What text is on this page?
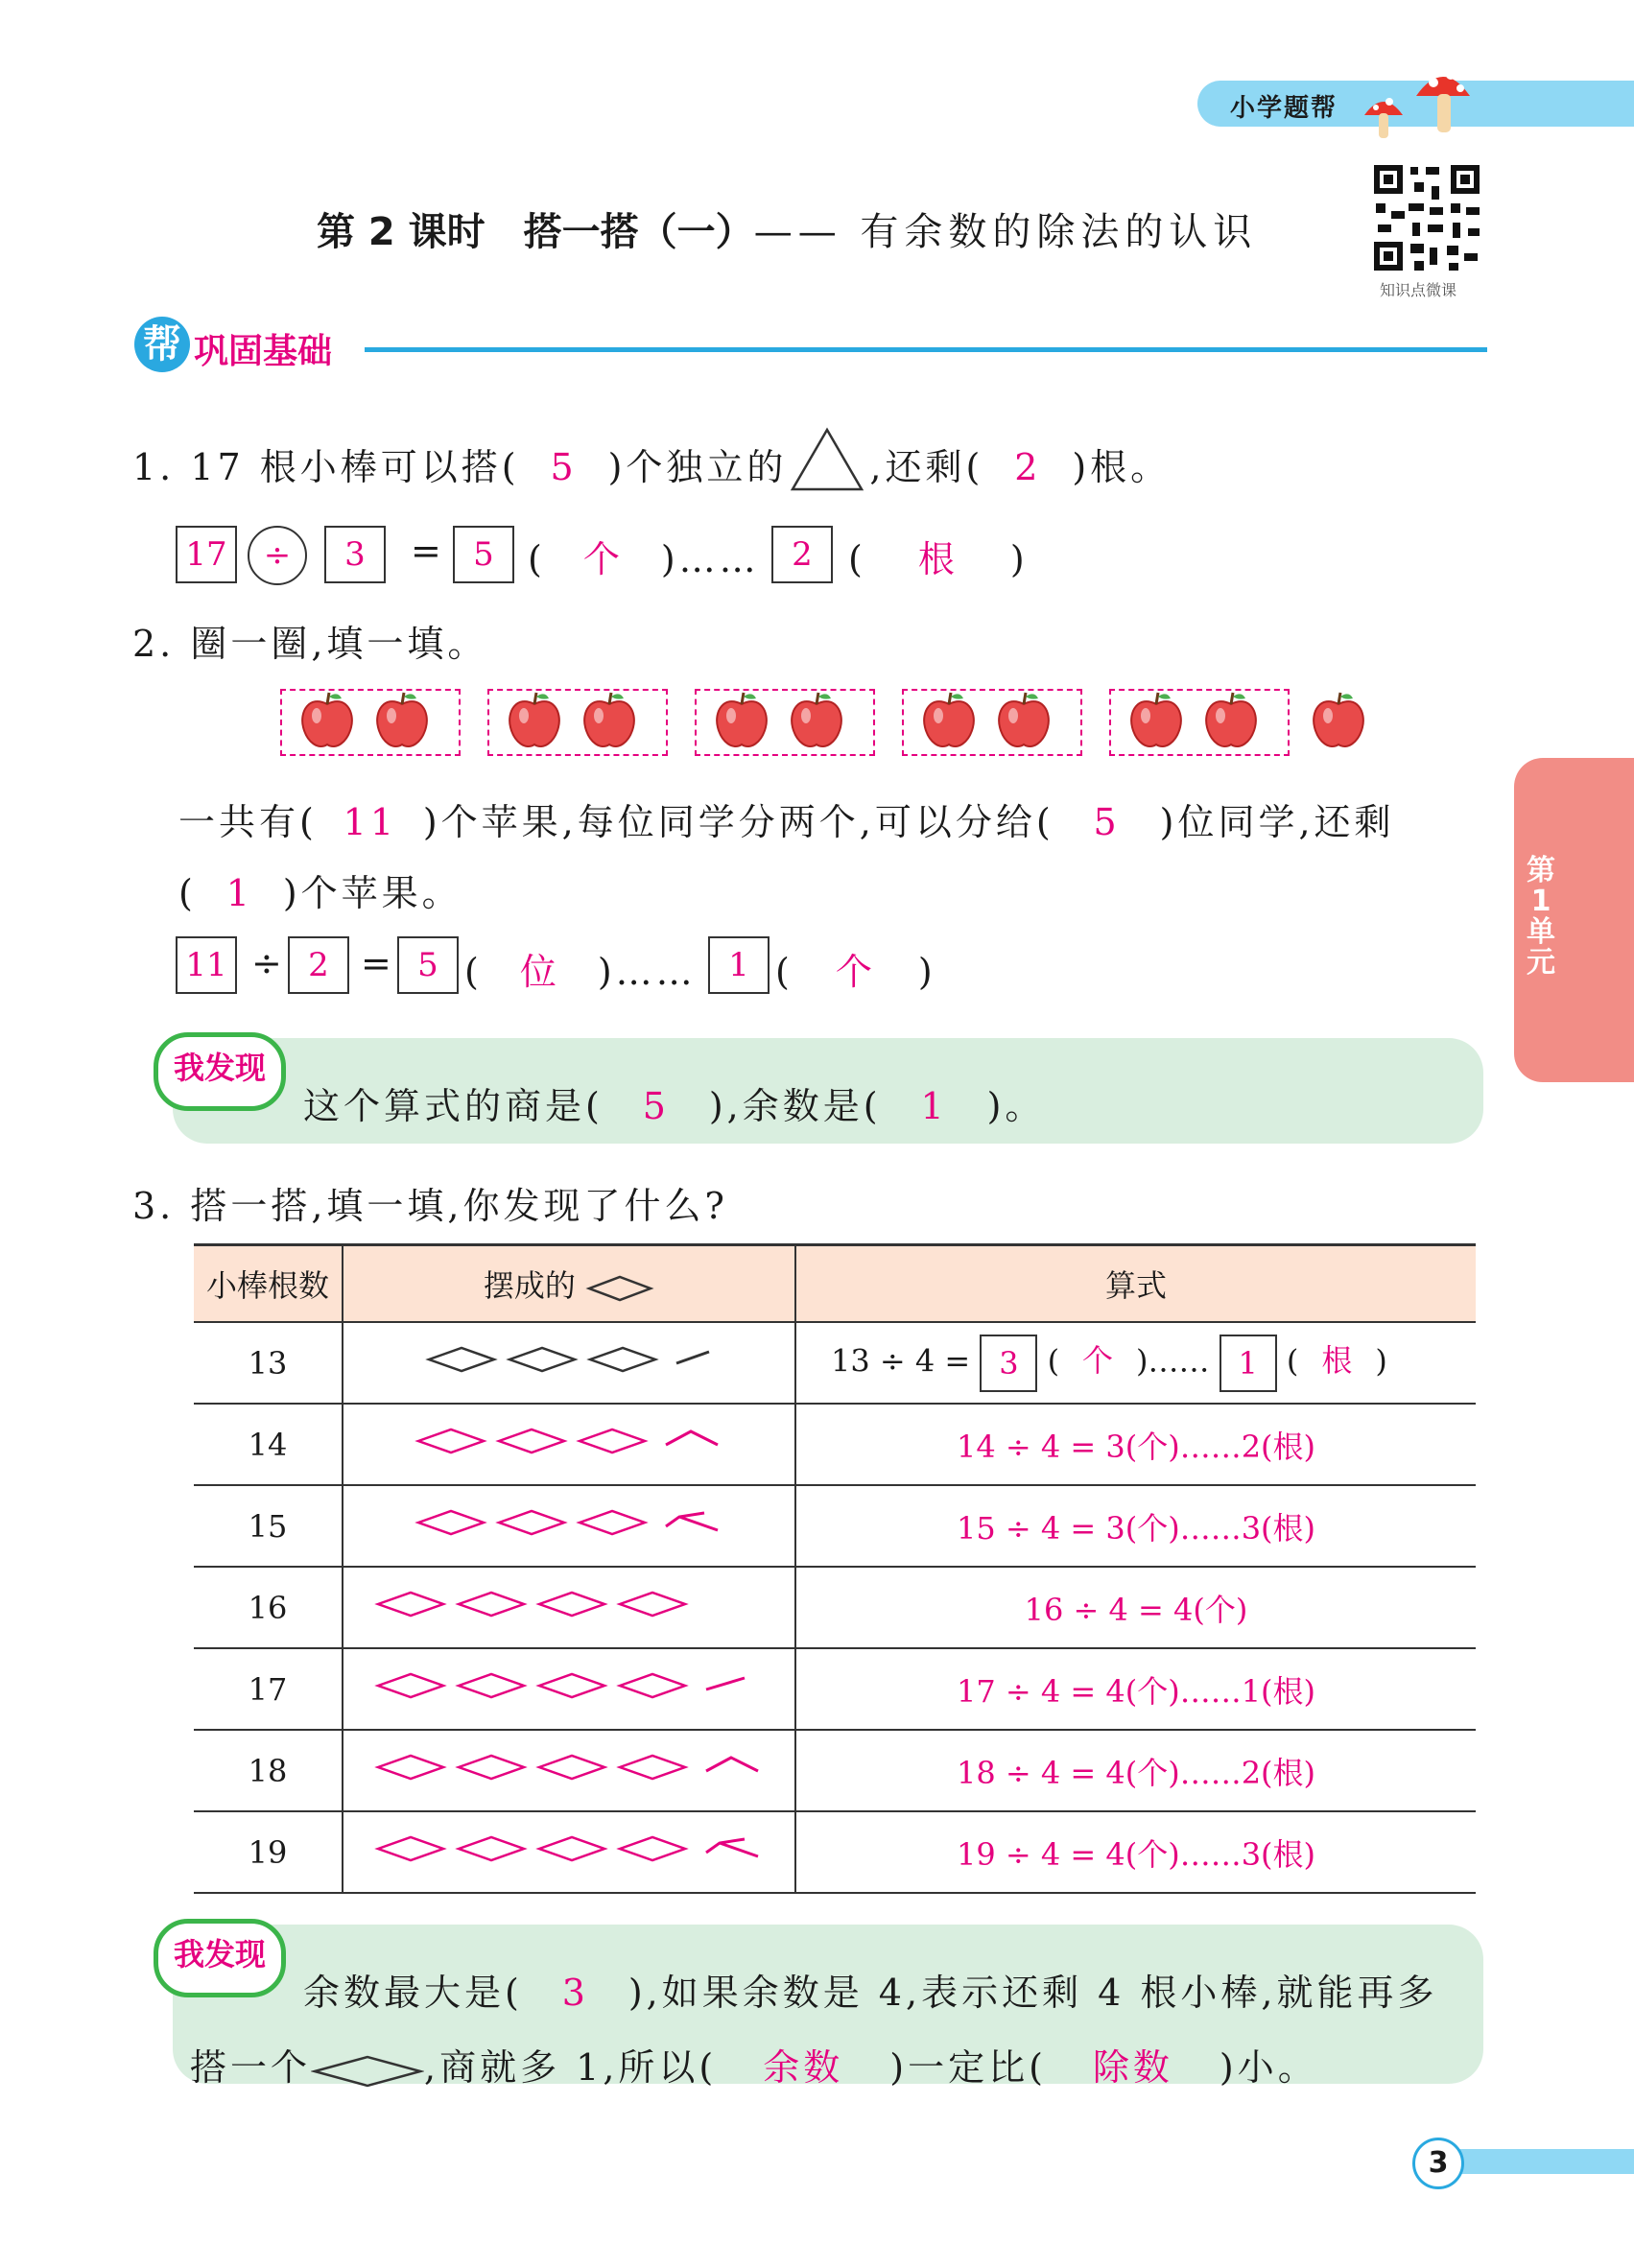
小学题帮
第 2 课时　搭一搭（一）—— 有余数的除法的认识
知识点微课
帮 巩固基础
第1单元
1. 17 根小棒可以搭( 5 )个独立的 ,还剩( 2 )根。
17	÷	3	= 5 ( 个 )…… 2 ( 根 )
2. 圈一圈,填一填。
一共有( 11 )个苹果,每位同学分两个,可以分给( 5 )位同学,还剩
( 1 )个苹果。
11 ÷ 2 = 5 ( 位 )…… 1 ( 个 )
我发现
这个算式的商是( 5 ),余数是( 1 )。
3. 搭一搭,填一填,你发现了什么?
小棒根数	摆成的	算式
13		13 ÷ 4 = 3 ( 个 )…… 1 ( 根 )
14		14 ÷ 4 = 3(个)……2(根)
15		15 ÷ 4 = 3(个)……3(根)
16		16 ÷ 4 = 4(个)
17		17 ÷ 4 = 4(个)……1(根)
18		18 ÷ 4 = 4(个)……2(根)
19		19 ÷ 4 = 4(个)……3(根)
我发现
余数最大是( 3 ),如果余数是 4,表示还剩 4 根小棒,就能再多
搭一个	,商就多 1,所以( 余数 )一定比( 除数 )小。
3
